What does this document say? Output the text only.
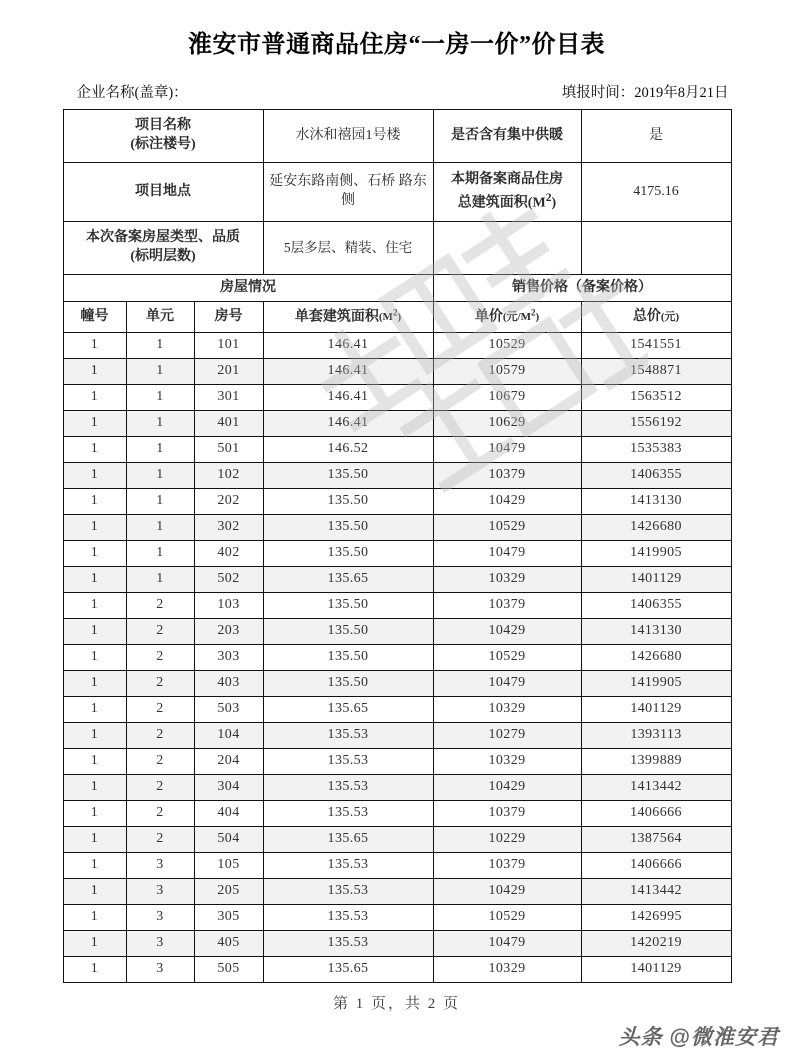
淮安市普通商品住房“一房一价”价目表
企业名称(盖章)：	填报时间：2019年8月21日
项目名称
(标注楼号)			水沐和禧园1号楼	是否含有集中供暖	是
项目地点			延安东路南侧、石桥 路东侧	本期备案商品住房
总建筑面积$(M^2)$	4175.16
本次备案房屋类型、品质
(标明层数)			5层多层、精装、住宅		
房屋情况				销售价格（备案价格）	
幢号	单元	房号	单套建筑面积$(M^2)$	单价(元$/M^2$)	总价(元)
1	1	101	146.41	10529	1541551
1	1	201	146.41	10579	1548871
1	1	301	146.41	10679	1563512
1	1	401	146.41	10629	1556192
1	1	501	146.52	10479	1535383
1	1	102	135.50	10379	1406355
1	1	202	135.50	10429	1413130
1	1	302	135.50	10529	1426680
1	1	402	135.50	10479	1419905
1	1	502	135.65	10329	1401129
1	2	103	135.50	10379	1406355
1	2	203	135.50	10429	1413130
1	2	303	135.50	10529	1426680
1	2	403	135.50	10479	1419905
1	2	503	135.65	10329	1401129
1	2	104	135.53	10279	1393113
1	2	204	135.53	10329	1399889
1	2	304	135.53	10429	1413442
1	2	404	135.53	10379	1406666
1	2	504	135.65	10229	1387564
1	3	105	135.53	10379	1406666
1	3	205	135.53	10429	1413442
1	3	305	135.53	10529	1426995
1	3	405	135.53	10479	1420219
1	3	505	135.65	10329	1401129
第 1 页，共 2 页
头条 @微淮安君
